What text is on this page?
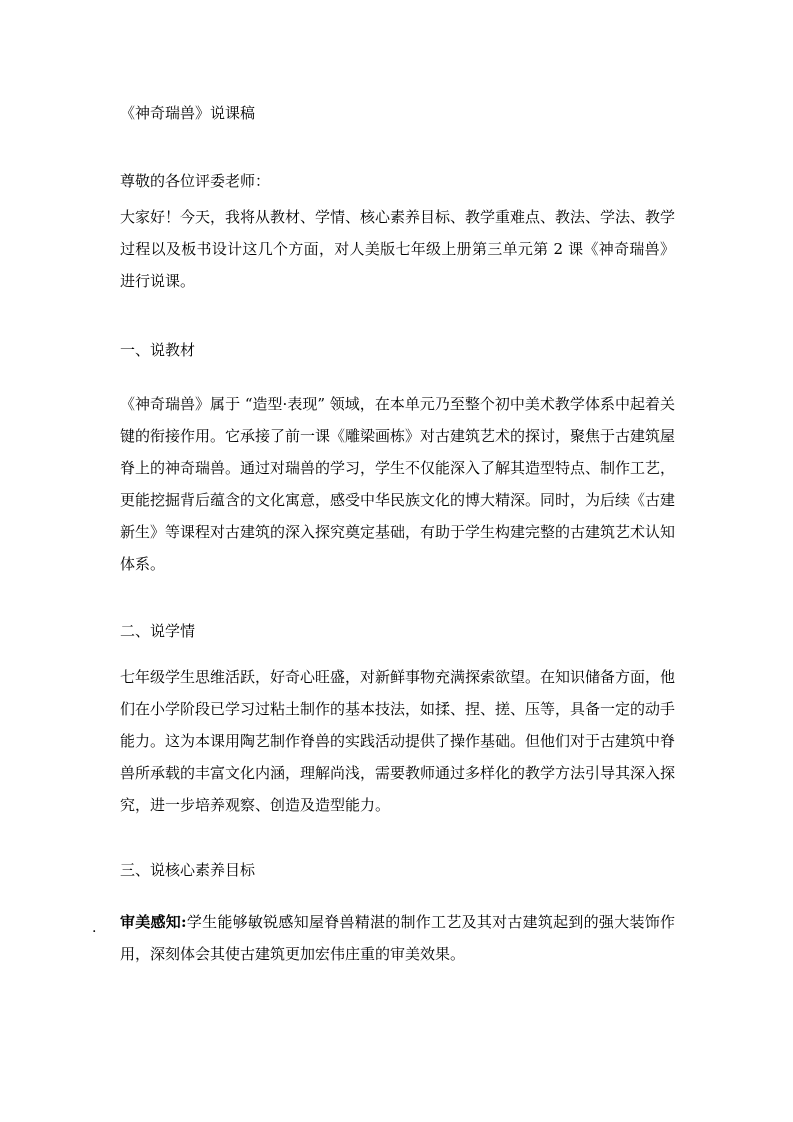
《神奇瑞兽》说课稿
尊敬的各位评委老师：
大家好！今天，我将从教材、学情、核心素养目标、教学重难点、教法、学法、教学过程以及板书设计这几个方面，对人美版七年级上册第三单元第 2 课《神奇瑞兽》进行说课。
一、说教材
《神奇瑞兽》属于 “造型·表现” 领域，在本单元乃至整个初中美术教学体系中起着关键的衔接作用。它承接了前一课《雕梁画栋》对古建筑艺术的探讨，聚焦于古建筑屋脊上的神奇瑞兽。通过对瑞兽的学习，学生不仅能深入了解其造型特点、制作工艺，更能挖掘背后蕴含的文化寓意，感受中华民族文化的博大精深。同时，为后续《古建新生》等课程对古建筑的深入探究奠定基础，有助于学生构建完整的古建筑艺术认知体系。
二、说学情
七年级学生思维活跃，好奇心旺盛，对新鲜事物充满探索欲望。在知识储备方面，他们在小学阶段已学习过粘土制作的基本技法，如揉、捏、搓、压等，具备一定的动手能力。这为本课用陶艺制作脊兽的实践活动提供了操作基础。但他们对于古建筑中脊兽所承载的丰富文化内涵，理解尚浅，需要教师通过多样化的教学方法引导其深入探究，进一步培养观察、创造及造型能力。
三、说核心素养目标
. 审美感知:学生能够敏锐感知屋脊兽精湛的制作工艺及其对古建筑起到的强大装饰作用，深刻体会其使古建筑更加宏伟庄重的审美效果。
